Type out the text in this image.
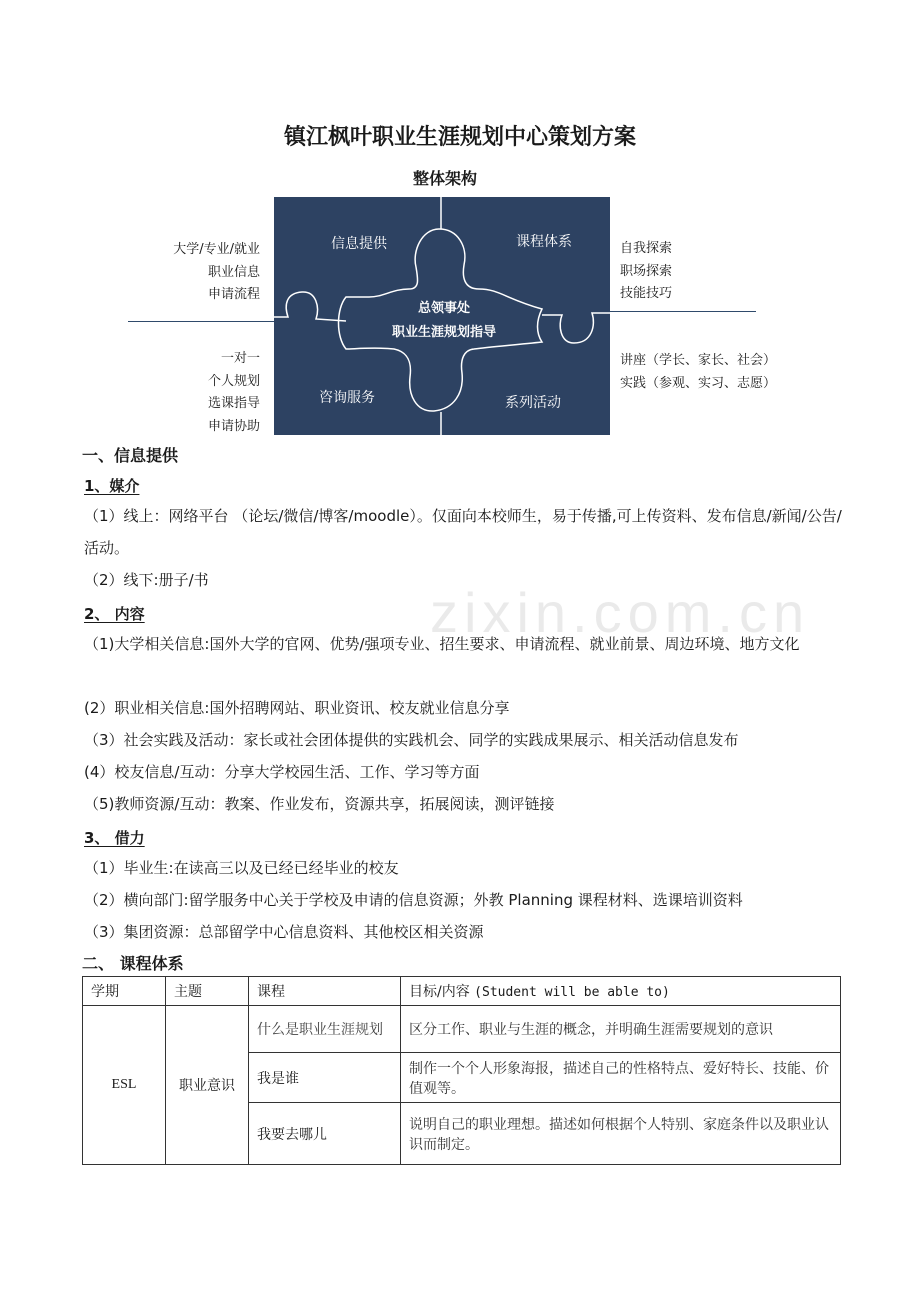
zixin.com.cn
镇江枫叶职业生涯规划中心策划方案
整体架构
信息提供	课程体系
咨询服务	系列活动
总领事处
职业生涯规划指导
大学/专业/就业
职业信息
申请流程
一对一
个人规划
选课指导
申请协助
自我探索
职场探索
技能技巧
讲座（学长、家长、社会）
实践（参观、实习、志愿）
一、信息提供
1、媒介
（1）线上：网络平台 （论坛/微信/博客/moodle）。仅面向本校师生，易于传播,可上传资料、发布信息/新闻/公告/活动。
（2）线下:册子/书
2、 内容
（1)大学相关信息:国外大学的官网、优势/强项专业、招生要求、申请流程、就业前景、周边环境、地方文化
(2）职业相关信息:国外招聘网站、职业资讯、校友就业信息分享
（3）社会实践及活动：家长或社会团体提供的实践机会、同学的实践成果展示、相关活动信息发布
(4）校友信息/互动：分享大学校园生活、工作、学习等方面
（5)教师资源/互动：教案、作业发布，资源共享，拓展阅读，测评链接
3、 借力
（1）毕业生:在读高三以及已经已经毕业的校友
（2）横向部门:留学服务中心关于学校及申请的信息资源；外教 Planning 课程材料、选课培训资料
（3）集团资源：总部留学中心信息资料、其他校区相关资源
二、 课程体系
学期	主题	课程	目标/内容 (Student will be able to)
ESL	职业意识	什么是职业生涯规划	区分工作、职业与生涯的概念，并明确生涯需要规划的意识
		我是谁	制作一个个人形象海报，描述自己的性格特点、爱好特长、技能、价值观等。
		我要去哪儿	说明自己的职业理想。描述如何根据个人特别、家庭条件以及职业认识而制定。
